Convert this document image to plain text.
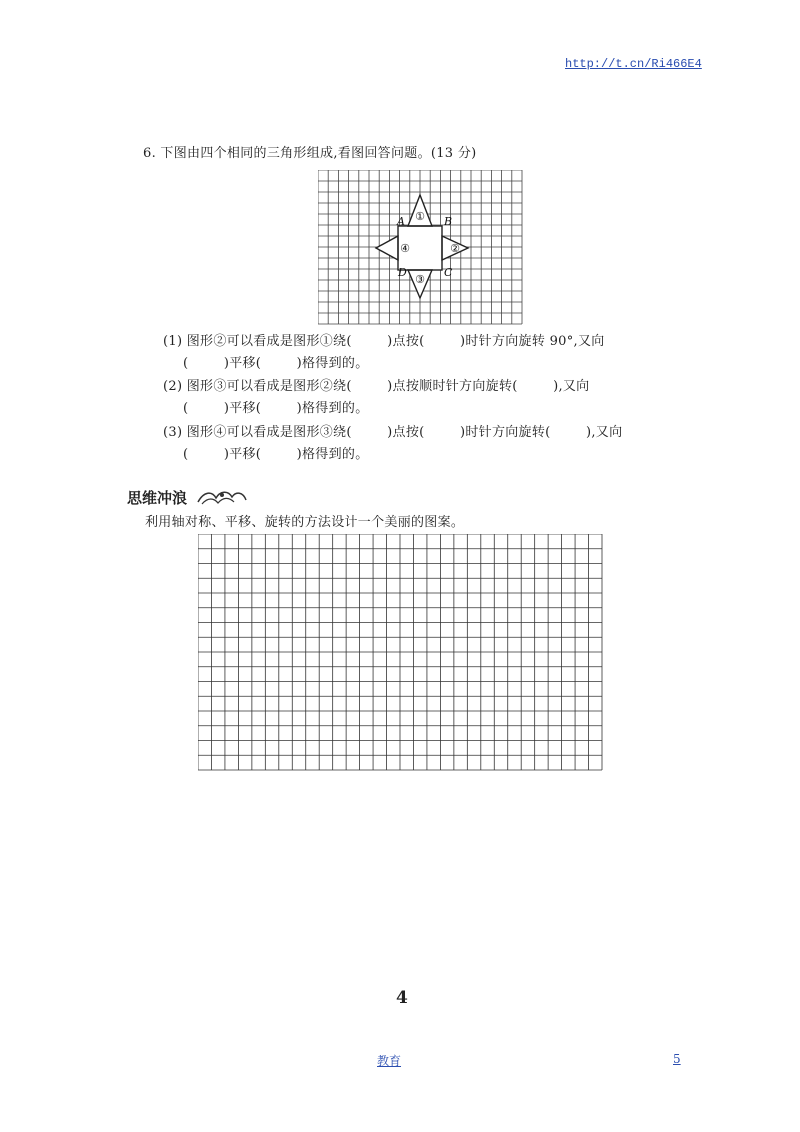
http://t.cn/Ri466E4
6. 下图由四个相同的三角形组成,看图回答问题。(13 分)
A	B
C
D
①
②
③
④
(1) 图形②可以看成是图形①绕(        )点按(        )时针方向旋转 90°,又向
(        )平移(        )格得到的。
(2) 图形③可以看成是图形②绕(        )点按顺时针方向旋转(        ),又向
(        )平移(        )格得到的。
(3) 图形④可以看成是图形③绕(        )点按(        )时针方向旋转(        ),又向
(        )平移(        )格得到的。
思维冲浪
利用轴对称、平移、旋转的方法设计一个美丽的图案。
4
教育	5
